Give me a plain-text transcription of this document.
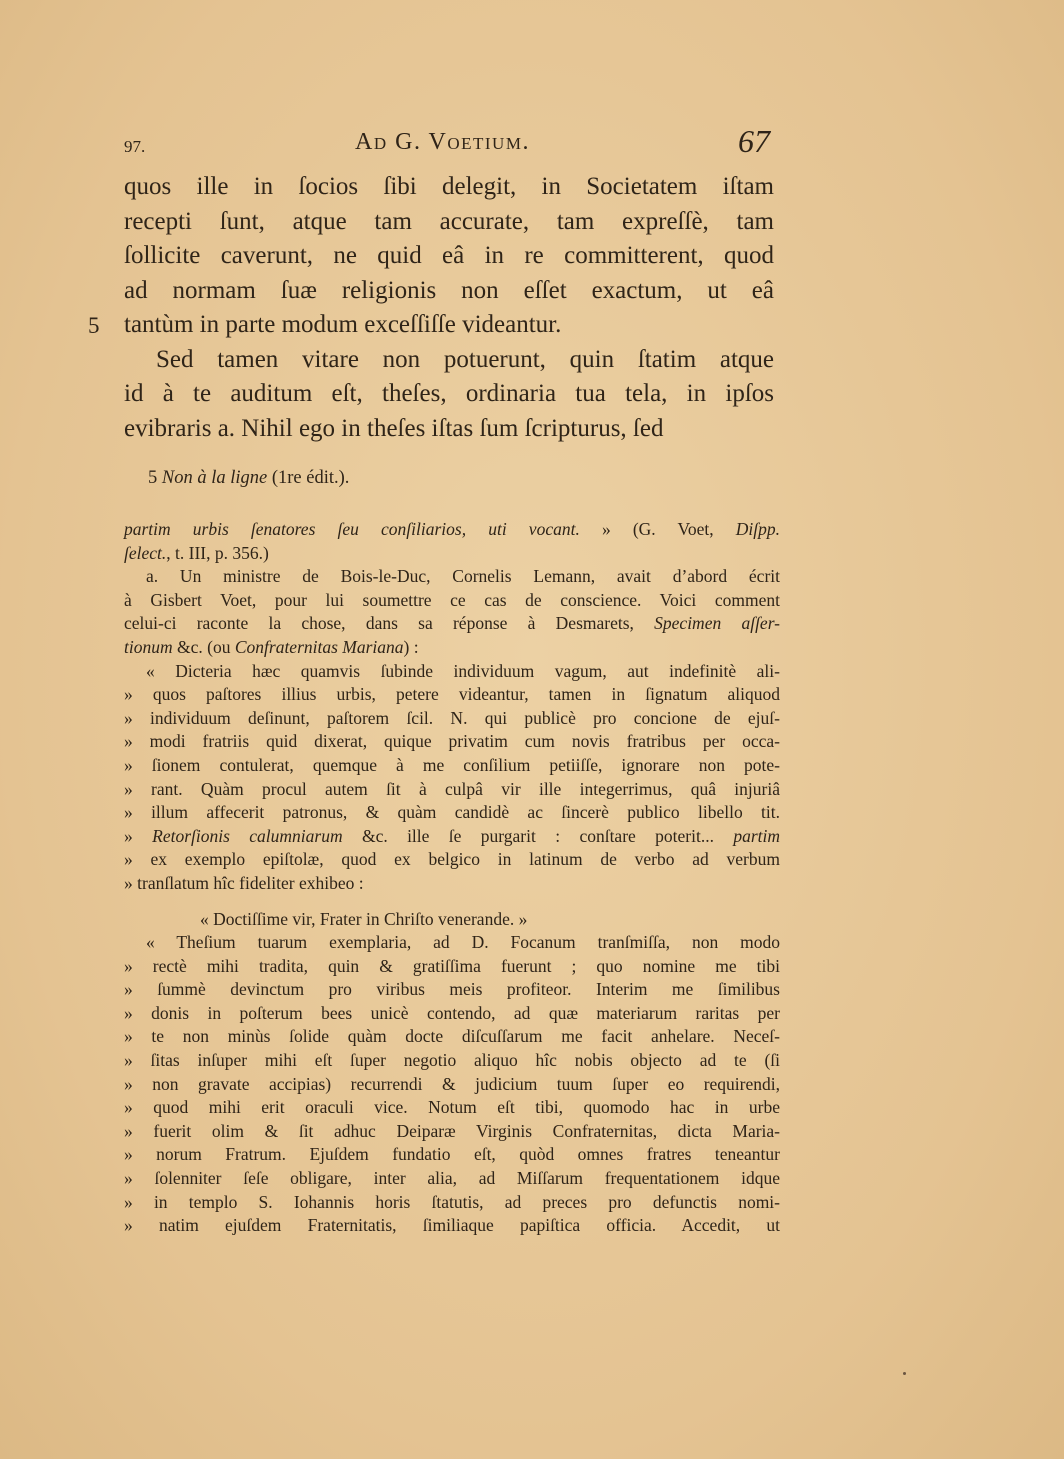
97.	Ad G. Voetium.	67
5
quos ille in ſocios ſibi delegit, in Societatem iſtam
recepti ſunt, atque tam accurate, tam expreſſè, tam
ſollicite caverunt, ne quid eâ in re committerent, quod
ad normam ſuæ religionis non eſſet exactum, ut eâ
tantùm in parte modum exceſſiſſe videantur.
Sed tamen vitare non potuerunt, quin ſtatim atque
id à te auditum eſt, theſes, ordinaria tua tela, in ipſos
evibraris a. Nihil ego in theſes iſtas ſum ſcripturus, ſed
5 Non à la ligne (1re édit.).
partim urbis ſenatores ſeu conſiliarios, uti vocant. » (G. Voet, Diſpp.
ſelect., t. III, p. 356.)
a. Un ministre de Bois-le-Duc, Cornelis Lemann, avait d’abord écrit
à Gisbert Voet, pour lui soumettre ce cas de conscience. Voici comment
celui-ci raconte la chose, dans sa réponse à Desmarets, Specimen aſſer-
tionum &c. (ou Confraternitas Mariana) :
« Dicteria hæc quamvis ſubinde individuum vagum, aut indefinitè ali-
» quos paſtores illius urbis, petere videantur, tamen in ſignatum aliquod
» individuum deſinunt, paſtorem ſcil. N. qui publicè pro concione de ejuſ-
» modi fratriis quid dixerat, quique privatim cum novis fratribus per occa-
» ſionem contulerat, quemque à me conſilium petiiſſe, ignorare non pote-
» rant. Quàm procul autem ſit à culpâ vir ille integerrimus, quâ injuriâ
» illum affecerit patronus, & quàm candidè ac ſincerè publico libello tit.
» Retorſionis calumniarum &c. ille ſe purgarit : conſtare poterit... partim
» ex exemplo epiſtolæ, quod ex belgico in latinum de verbo ad verbum
» tranſlatum hîc fideliter exhibeo :
« Doctiſſime vir, Frater in Chriſto venerande. »
« Theſium tuarum exemplaria, ad D. Focanum tranſmiſſa, non modo
» rectè mihi tradita, quin & gratiſſima fuerunt ; quo nomine me tibi
» ſummè devinctum pro viribus meis profiteor. Interim me ſimilibus
» donis in poſterum bees unicè contendo, ad quæ materiarum raritas per
» te non minùs ſolide quàm docte diſcuſſarum me facit anhelare. Neceſ-
» ſitas inſuper mihi eſt ſuper negotio aliquo hîc nobis objecto ad te (ſi
» non gravate accipias) recurrendi & judicium tuum ſuper eo requirendi,
» quod mihi erit oraculi vice. Notum eſt tibi, quomodo hac in urbe
» fuerit olim & ſit adhuc Deiparæ Virginis Confraternitas, dicta Maria-
» norum Fratrum. Ejuſdem fundatio eſt, quòd omnes fratres teneantur
» ſolenniter ſeſe obligare, inter alia, ad Miſſarum frequentationem idque
» in templo S. Iohannis horis ſtatutis, ad preces pro defunctis nomi-
» natim ejuſdem Fraternitatis, ſimiliaque papiſtica officia. Accedit, ut
